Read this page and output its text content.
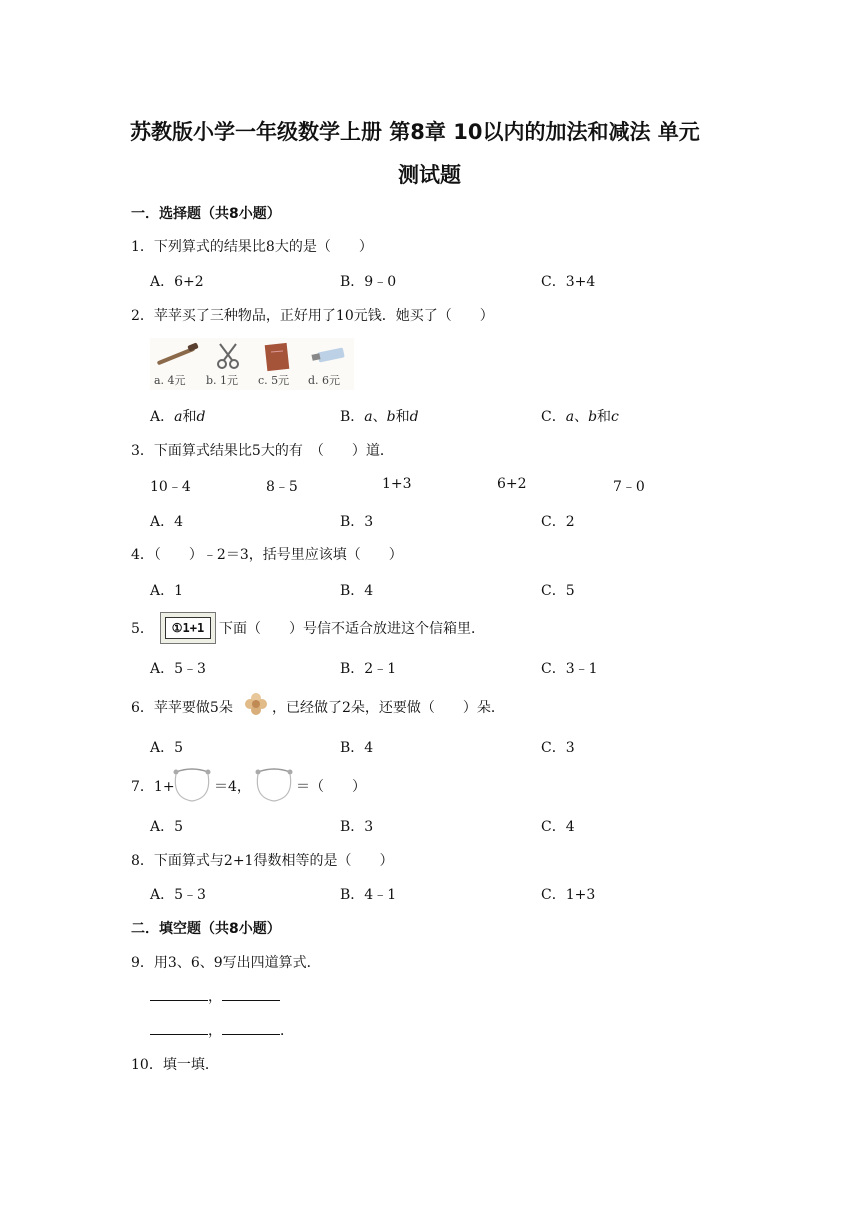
苏教版小学一年级数学上册 第8章 10以内的加法和减法 单元
测试题
一．选择题（共8小题）
1．下列算式的结果比8大的是（　　）
A．6+2	B．9﹣0	C．3+4
2．苹苹买了三种物品，正好用了10元钱．她买了（　　）
a. 4元 b. 1元 c. 5元 d. 6元
A．a和d	B．a、b和d	C．a、b和c
3．下面算式结果比5大的有　（　　）道．
10﹣4	8﹣5	1+3	6+2	7﹣0
A．4	B．3	C．2
4．（　　）﹣2＝3，括号里应该填（　　）
A．1	B．4	C．5
5．	①1+1	下面（　　）号信不适合放进这个信箱里．
A．5﹣3	B．2﹣1	C．3﹣1
6．苹苹要做5朵	，已经做了2朵，还要做（　　）朵．
A．5	B．4	C．3
7．1+	＝4，	＝（　　）
A．5	B．3	C．4
8．下面算式与2+1得数相等的是（　　）
A．5﹣3	B．4﹣1	C．1+3
二．填空题（共8小题）
9．用3、6、9写出四道算式．
，
，	．
10．填一填．
